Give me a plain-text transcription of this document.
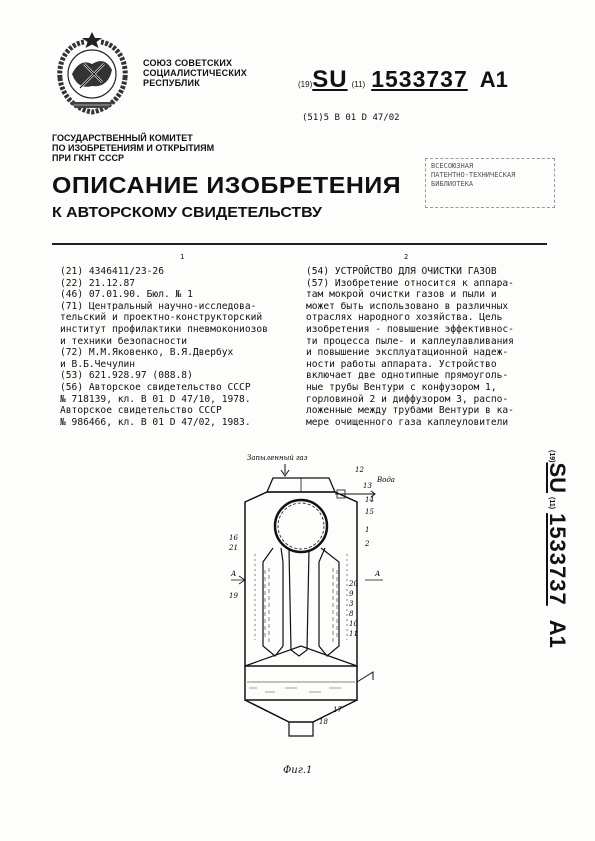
СОЮЗ СОВЕТСКИХ
СОЦИАЛИСТИЧЕСКИХ
РЕСПУБЛИК	(19)SU (11) 1533737 A1
(51)5 В 01 D 47/02
ГОСУДАРСТВЕННЫЙ КОМИТЕТ
ПО ИЗОБРЕТЕНИЯМ И ОТКРЫТИЯМ
ПРИ ГКНТ СССР
ВСЕСОЮЗНАЯ
ПАТЕНТНО-ТЕХНИЧЕСКАЯ
БИБЛИОТЕКА
ОПИСАНИЕ ИЗОБРЕТЕНИЯ
К АВТОРСКОМУ СВИДЕТЕЛЬСТВУ
1	2
(21) 4346411/23-26
(22) 21.12.87
(46) 07.01.90. Бюл. № 1
(71) Центральный научно-исследова-
тельский и проектно-конструкторский
институт профилактики пневмокониозов
и техники безопасности
(72) М.М.Яковенко, В.Я.Двербух
и В.Б.Чечулин
(53) 621.928.97 (088.8)
(56) Авторское свидетельство СССР
№ 718139, кл. В 01 D 47/10, 1978.
Авторское свидетельство СССР
№ 986466, кл. В 01 D 47/02, 1983.
(54) УСТРОЙСТВО ДЛЯ ОЧИСТКИ ГАЗОВ
(57) Изобретение относится к аппара-
там мокрой очистки газов и пыли и
может быть использовано в различных
отраслях народного хозяйства. Цель
изобретения - повышение эффективнос-
ти процесса пыле- и каплеулавливания
и повышение эксплуатационной надеж-
ности работы аппарата. Устройство
включает две однотипные прямоуголь-
ные трубы Вентури с конфузором 1,
горловиной 2 и диффузором 3, распо-
ложенные между трубами Вентури в ка-
мере очищенного газа каплеуловители
Запыленный газ
Вода
А	А
12
13
14
15
16
21
1
2
19
20
9
3
8
10
11
17
18
Фиг.1
(19)SU(11)1533737A1
